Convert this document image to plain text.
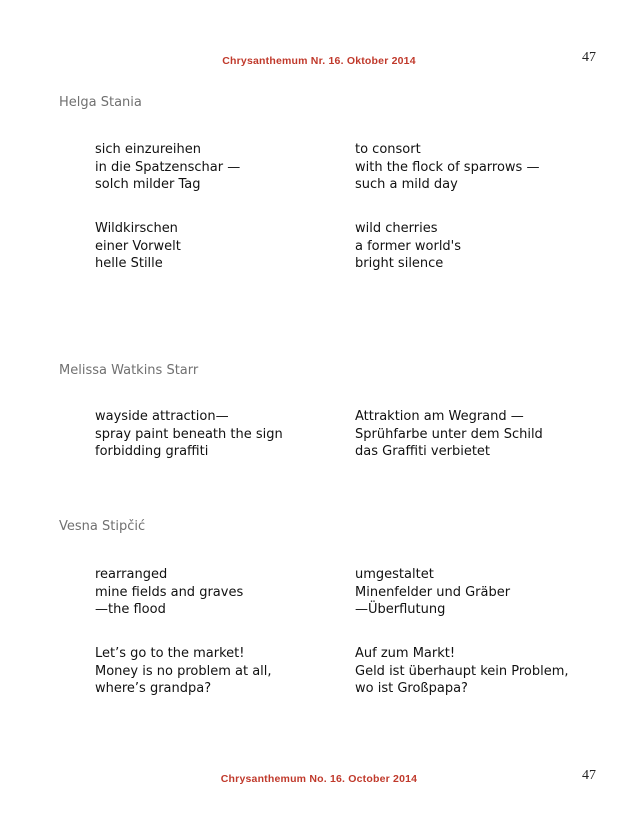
Chrysanthemum Nr. 16. Oktober 2014	47
Helga Stania
sich einzureihen
in die Spatzenschar —
solch milder Tag
to consort
with the flock of sparrows —
such a mild day
Wildkirschen
einer Vorwelt
helle Stille
wild cherries
a former world's
bright silence
Melissa Watkins Starr
wayside attraction—
spray paint beneath the sign
forbidding graffiti
Attraktion am Wegrand —
Sprühfarbe unter dem Schild
das Graffiti verbietet
Vesna Stipčić
rearranged
mine fields and graves
—the flood
umgestaltet
Minenfelder und Gräber
—Überflutung
Let’s go to the market!
Money is no problem at all,
where’s grandpa?
Auf zum Markt!
Geld ist überhaupt kein Problem,
wo ist Großpapa?
Chrysanthemum No. 16. October 2014	47
